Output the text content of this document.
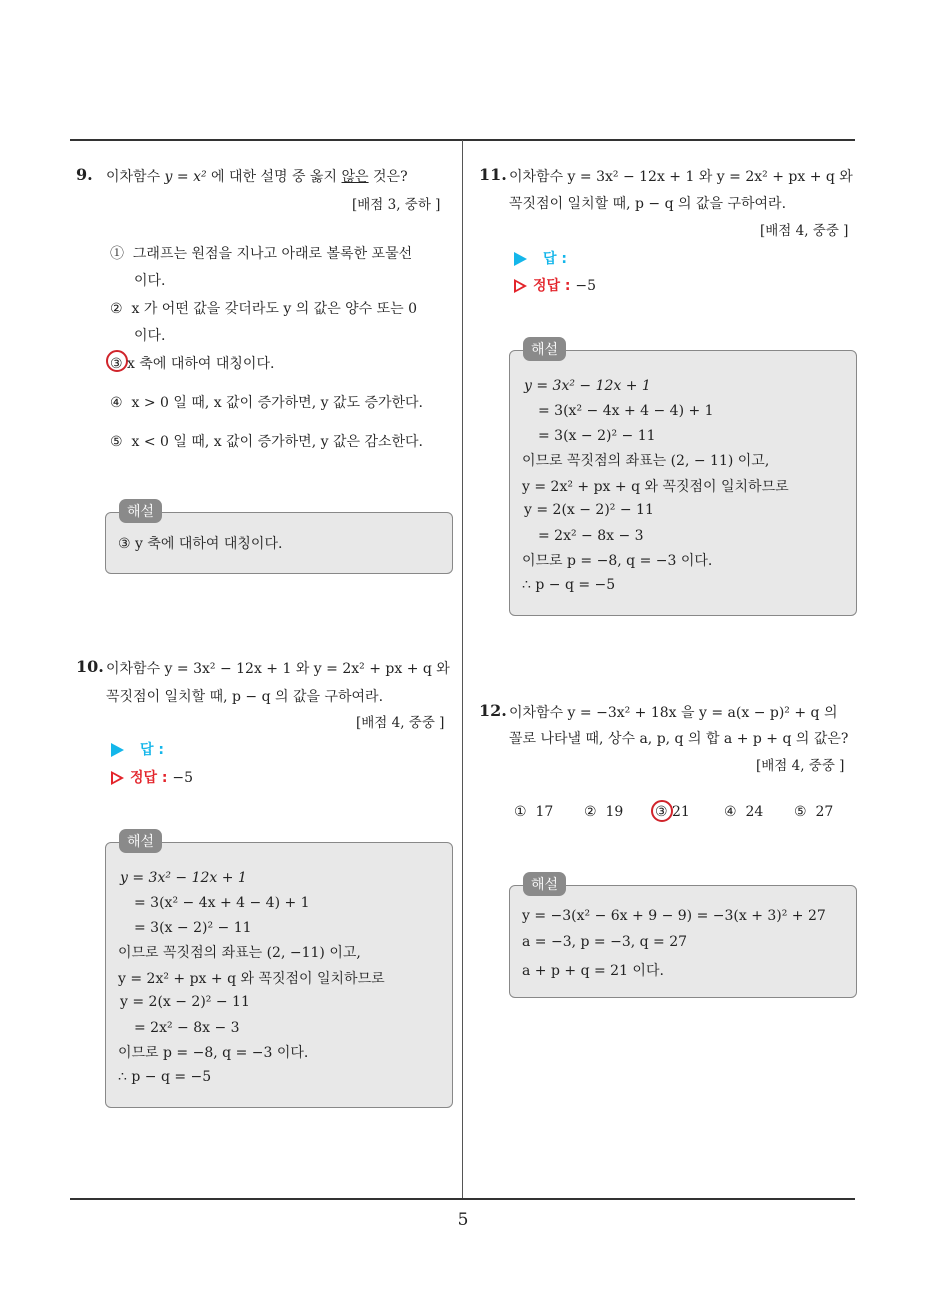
9. 이차함수 y = x² 에 대한 설명 중 옳지 않은 것은?
[배점 3, 중하 ]
① 그래프는 원점을 지나고 아래로 볼록한 포물선
이다.
② x 가 어떤 값을 갖더라도 y 의 값은 양수 또는 0
이다.
③ x 축에 대하여 대칭이다.
④ x > 0 일 때, x 값이 증가하면, y 값도 증가한다.
⑤ x < 0 일 때, x 값이 증가하면, y 값은 감소한다.
③ y 축에 대하여 대칭이다.
해설
10. 이차함수 y = 3x² − 12x + 1 와 y = 2x² + px + q 와
꼭짓점이 일치할 때, p − q 의 값을 구하여라.
[배점 4, 중중 ]
답 :
정답 : −5
y = 3x² − 12x + 1
= 3(x² − 4x + 4 − 4) + 1
= 3(x − 2)² − 11
이므로 꼭짓점의 좌표는 (2, −11) 이고,
y = 2x² + px + q 와 꼭짓점이 일치하므로
y = 2(x − 2)² − 11
= 2x² − 8x − 3
이므로 p = −8, q = −3 이다.
∴ p − q = −5
해설
11. 이차함수 y = 3x² − 12x + 1 와 y = 2x² + px + q 와
꼭짓점이 일치할 때, p − q 의 값을 구하여라.
[배점 4, 중중 ]
답 :
정답 : −5
y = 3x² − 12x + 1
= 3(x² − 4x + 4 − 4) + 1
= 3(x − 2)² − 11
이므로 꼭짓점의 좌표는 (2, − 11) 이고,
y = 2x² + px + q 와 꼭짓점이 일치하므로
y = 2(x − 2)² − 11
= 2x² − 8x − 3
이므로 p = −8, q = −3 이다.
∴ p − q = −5
해설
12. 이차함수 y = −3x² + 18x 을 y = a(x − p)² + q 의
꼴로 나타낼 때, 상수 a, p, q 의 합 a + p + q 의 값은?
[배점 4, 중중 ]
① 17 ② 19 ③ 21 ④ 24 ⑤ 27
y = −3(x² − 6x + 9 − 9) = −3(x + 3)² + 27
a = −3, p = −3, q = 27
a + p + q = 21 이다.
해설
5
